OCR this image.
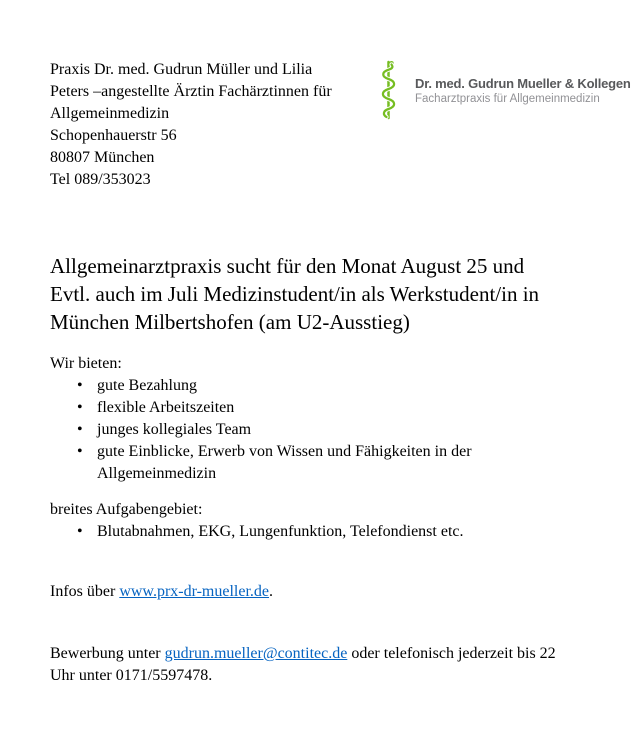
Praxis Dr. med. Gudrun Müller und Lilia
Peters –angestellte Ärztin Fachärztinnen für
Allgemeinmedizin
Schopenhauerstr 56
80807 München
Tel 089/353023
Dr. med. Gudrun Mueller & Kollegen
Facharztpraxis für Allgemeinmedizin
Allgemeinarztpraxis sucht für den Monat August 25 und
Evtl. auch im Juli Medizinstudent/in als Werkstudent/in in
München Milbertshofen (am U2-Ausstieg)
Wir bieten:
• gute Bezahlung
• flexible Arbeitszeiten
• junges kollegiales Team
• gute Einblicke, Erwerb von Wissen und Fähigkeiten in der Allgemeinmedizin
breites Aufgabengebiet:
• Blutabnahmen, EKG, Lungenfunktion, Telefondienst etc.

Infos über www.prx-dr-mueller.de.

Bewerbung unter gudrun.mueller@contitec.de oder telefonisch jederzeit bis 22 Uhr unter 0171/5597478.
